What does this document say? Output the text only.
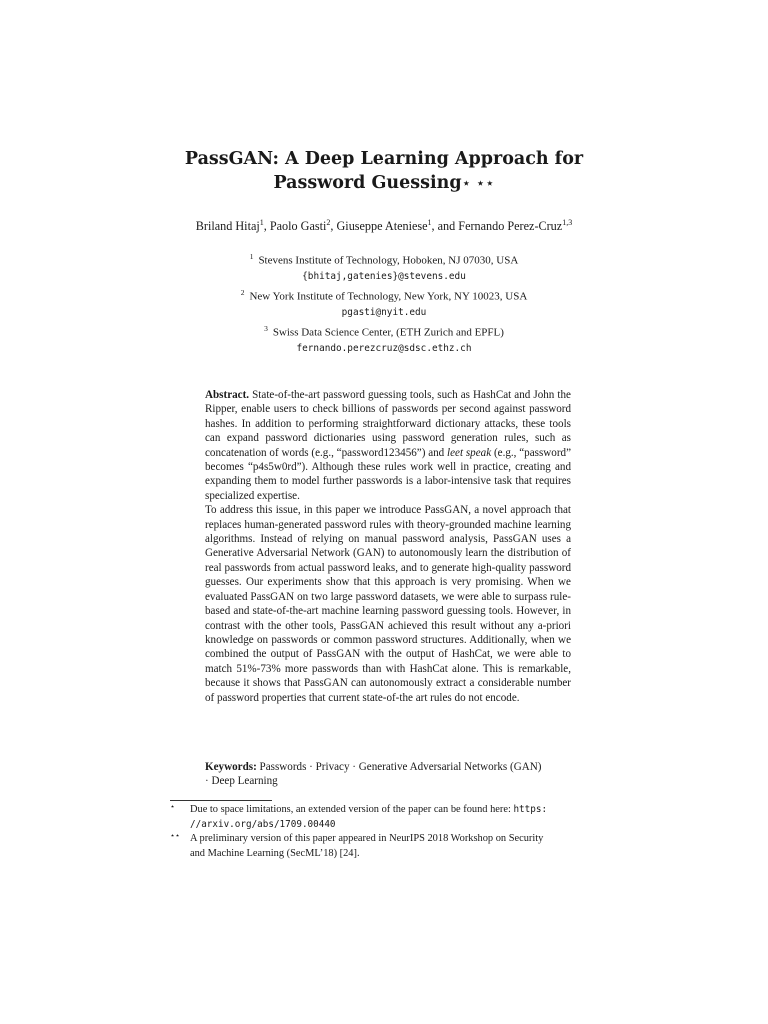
PassGAN: A Deep Learning Approach for
Password Guessing⋆ ⋆⋆
Briland Hitaj$^1$, Paolo Gasti$^2$, Giuseppe Ateniese$^1$, and Fernando Perez-Cruz$^{1,3}$
$^1$ Stevens Institute of Technology, Hoboken, NJ 07030, USA
{bhitaj,gatenies}@stevens.edu
$^2$ New York Institute of Technology, New York, NY 10023, USA
pgasti@nyit.edu
$^3$ Swiss Data Science Center, (ETH Zurich and EPFL)
fernando.perezcruz@sdsc.ethz.ch

Abstract. State-of-the-art password guessing tools, such as HashCat and John the Ripper, enable users to check billions of passwords per second against password hashes. In addition to performing straightforward dictionary attacks, these tools can expand password dictionaries using password generation rules, such as concatenation of words (e.g., “password123456”) and leet speak (e.g., “password” becomes “p4s5w0rd”). Although these rules work well in practice, creating and expanding them to model further passwords is a labor-intensive task that requires specialized expertise.

To address this issue, in this paper we introduce PassGAN, a novel approach that replaces human-generated password rules with theory-grounded machine learning algorithms. Instead of relying on manual password analysis, PassGAN uses a Generative Adversarial Network (GAN) to autonomously learn the distribution of real passwords from actual password leaks, and to generate high-quality password guesses. Our experiments show that this approach is very promising. When we evaluated PassGAN on two large password datasets, we were able to surpass rule-based and state-of-the-art machine learning password guessing tools. However, in contrast with the other tools, PassGAN achieved this result without any a-priori knowledge on passwords or common password structures. Additionally, when we combined the output of PassGAN with the output of HashCat, we were able to match 51%-73% more passwords than with HashCat alone. This is remarkable, because it shows that PassGAN can autonomously extract a considerable number of password properties that current state-of-the art rules do not encode.

Keywords: Passwords · Privacy · Generative Adversarial Networks (GAN)
· Deep Learning
⋆ Due to space limitations, an extended version of the paper can be found here: https:
//arxiv.org/abs/1709.00440
⋆⋆ A preliminary version of this paper appeared in NeurIPS 2018 Workshop on Security
and Machine Learning (SecML’18) [24].
